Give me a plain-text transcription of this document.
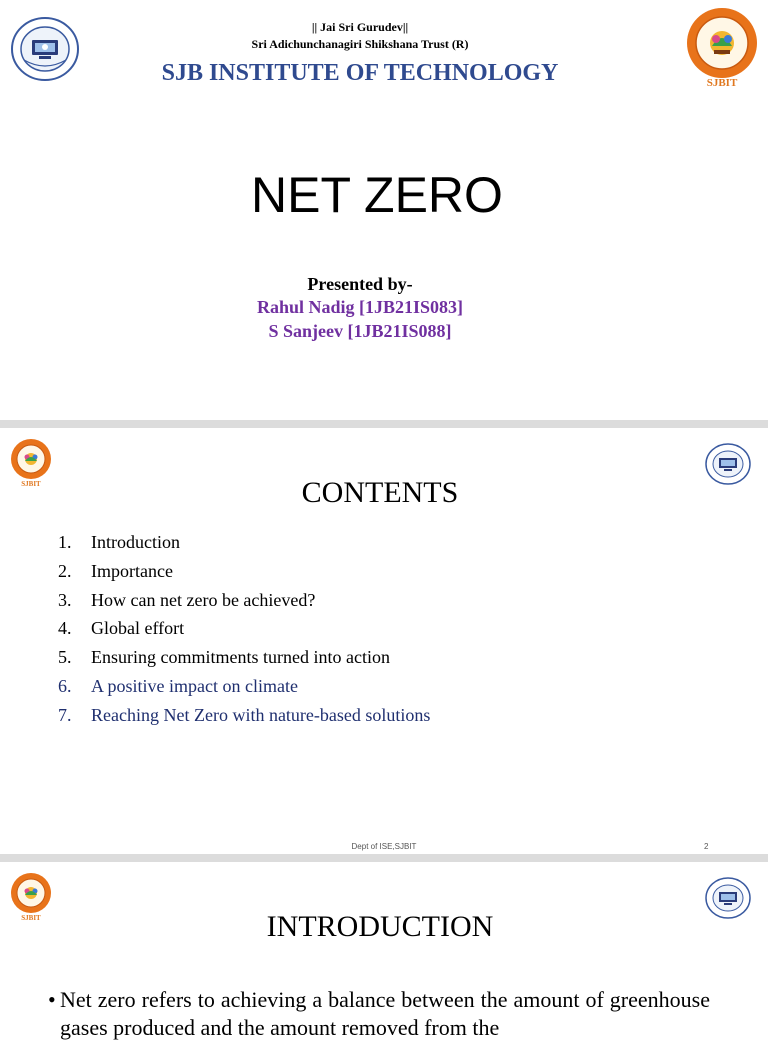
|| Jai Sri Gurudev||
Sri Adichunchanagiri Shikshana Trust (R)
SJB INSTITUTE OF TECHNOLOGY	SJBIT
NET ZERO
Presented by-
Rahul Nadig [1JB21IS083]
S Sanjeev [1JB21IS088]
SJBIT	CONTENTS
1.	Introduction
2.	Importance
3.	How can net zero be achieved?
4.	Global effort
5.	Ensuring commitments turned into action
6.	A positive impact on climate
7.	Reaching Net Zero with nature-based solutions
Dept of ISE,SJBIT	2
SJBIT	INTRODUCTION
• Net zero refers to achieving a balance between the amount of greenhouse gases produced and the amount removed from the
